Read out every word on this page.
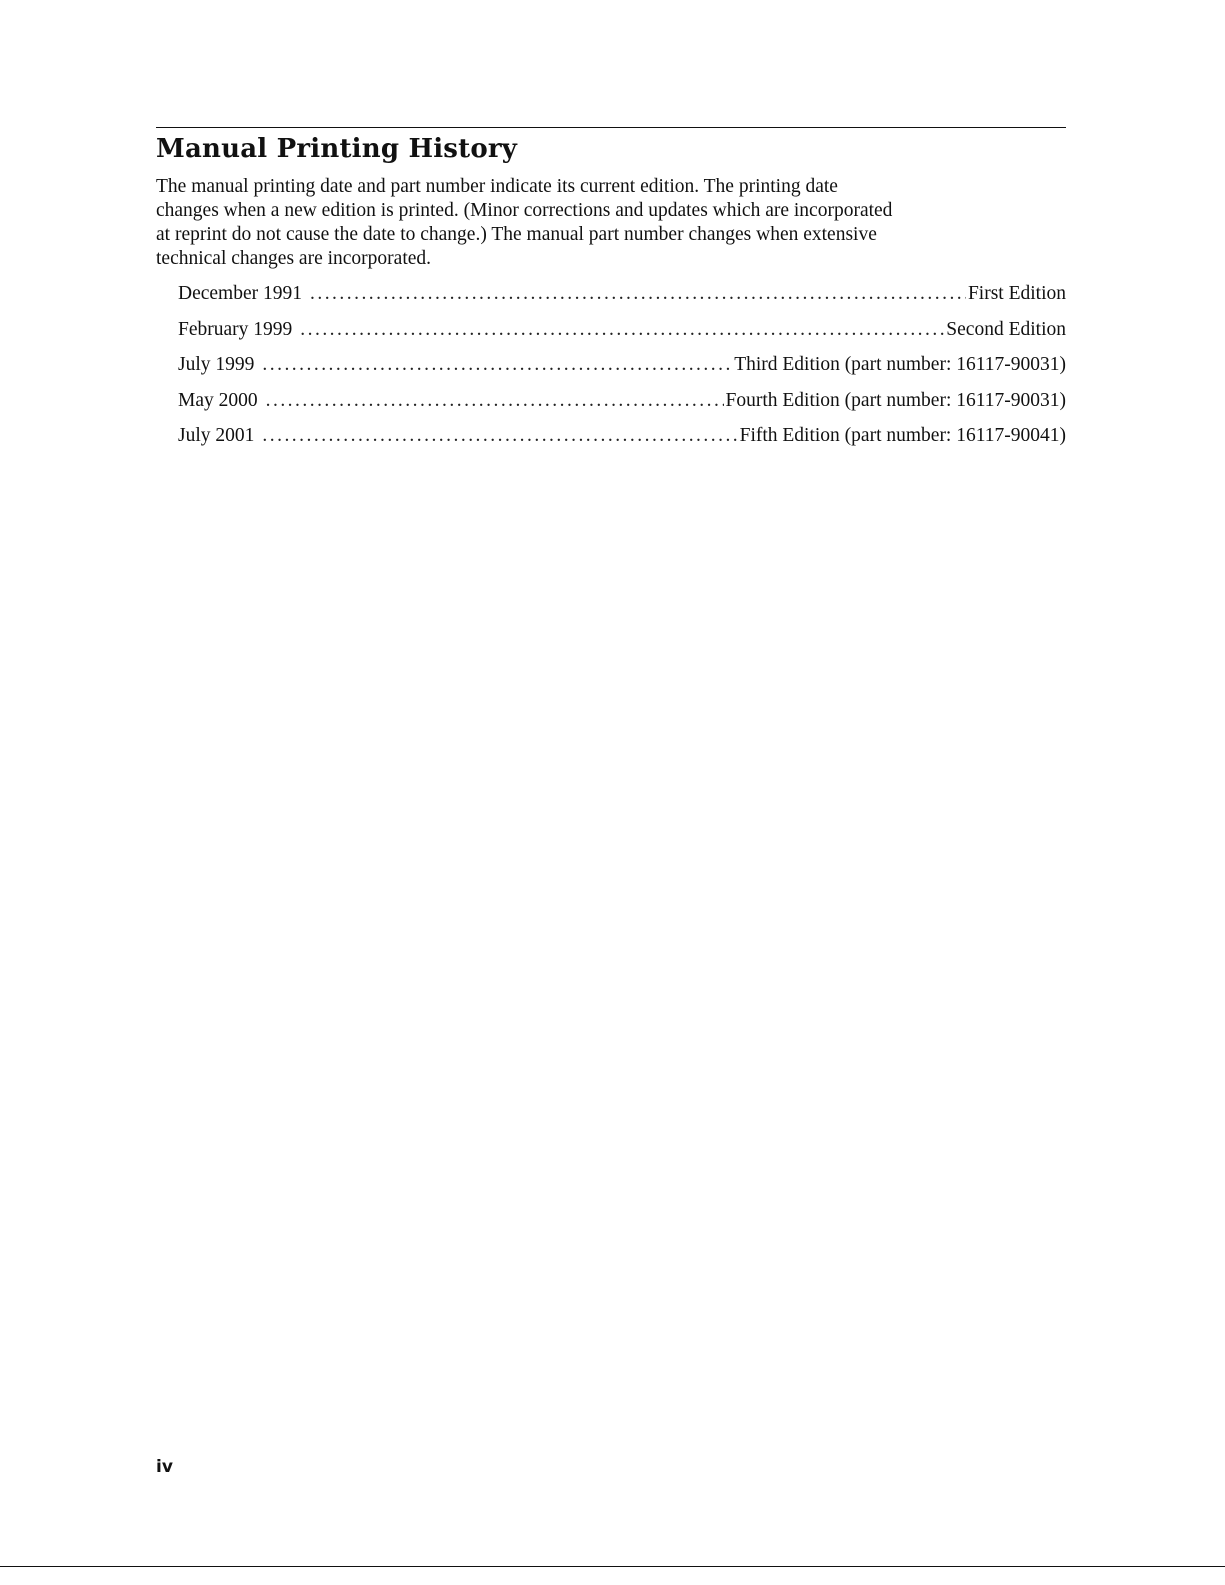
Manual Printing History

The manual printing date and part number indicate its current edition. The printing date
changes when a new edition is printed. (Minor corrections and updates which are incorporated
at reprint do not cause the date to change.) The manual part number changes when extensive
technical changes are incorporated.

December 1991 . . .	First Edition
February 1999 . . .	Second Edition
July 1999 . . .	Third Edition (part number: 16117-90031)
May 2000 . . .	Fourth Edition (part number: 16117-90031)
July 2001 . . .	Fifth Edition (part number: 16117-90041)
iv
